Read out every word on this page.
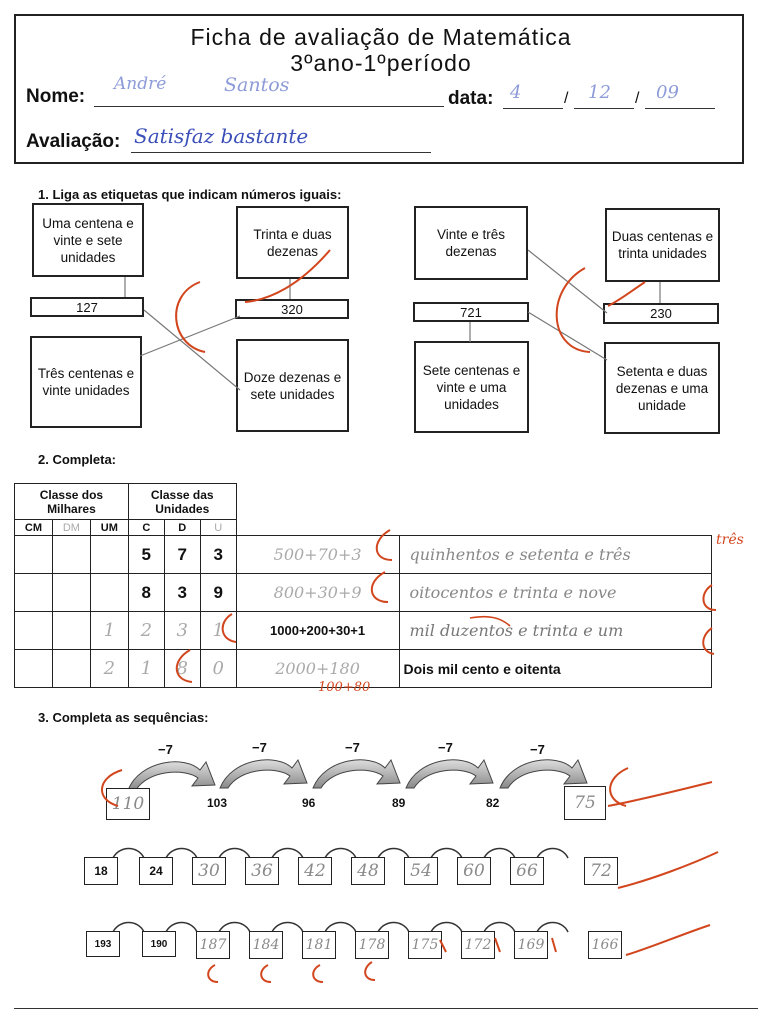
Ficha de avaliação de Matemática
3ºano-1ºperíodo
Nome:
André	Santos
data:	/	/
4	12	09
Avaliação: Satisfaz bastante
1. Liga as etiquetas que indicam números iguais:
Uma centena e vinte e sete unidades
Trinta e duas dezenas
127	320
Três centenas e vinte unidades
Doze dezenas e sete unidades
Vinte e três dezenas
Duas centenas e trinta unidades
721	230
Sete centenas e vinte e uma unidades
Setenta e duas dezenas e uma unidade
2. Completa:
Classe dos Milhares			Classe das Unidades				
CM	DM	UM	C	D	U		
			5	7	3	500+70+3	quinhentos e setenta e três
			8	3	9	800+30+9	oitocentos e trinta e nove
		1	2	3	1	1000+200+30+1	mil duzentos e trinta e um
		2	1	8	0	2000+180	Dois mil cento e oitenta
três
100+80
3. Completa as sequências:
−7	−7	−7	−7	−7
110	103	96	89	82	75
18	24	30 36 42 48 54 60 66	72
193	190	187 184 181 178 175 172 169	166
